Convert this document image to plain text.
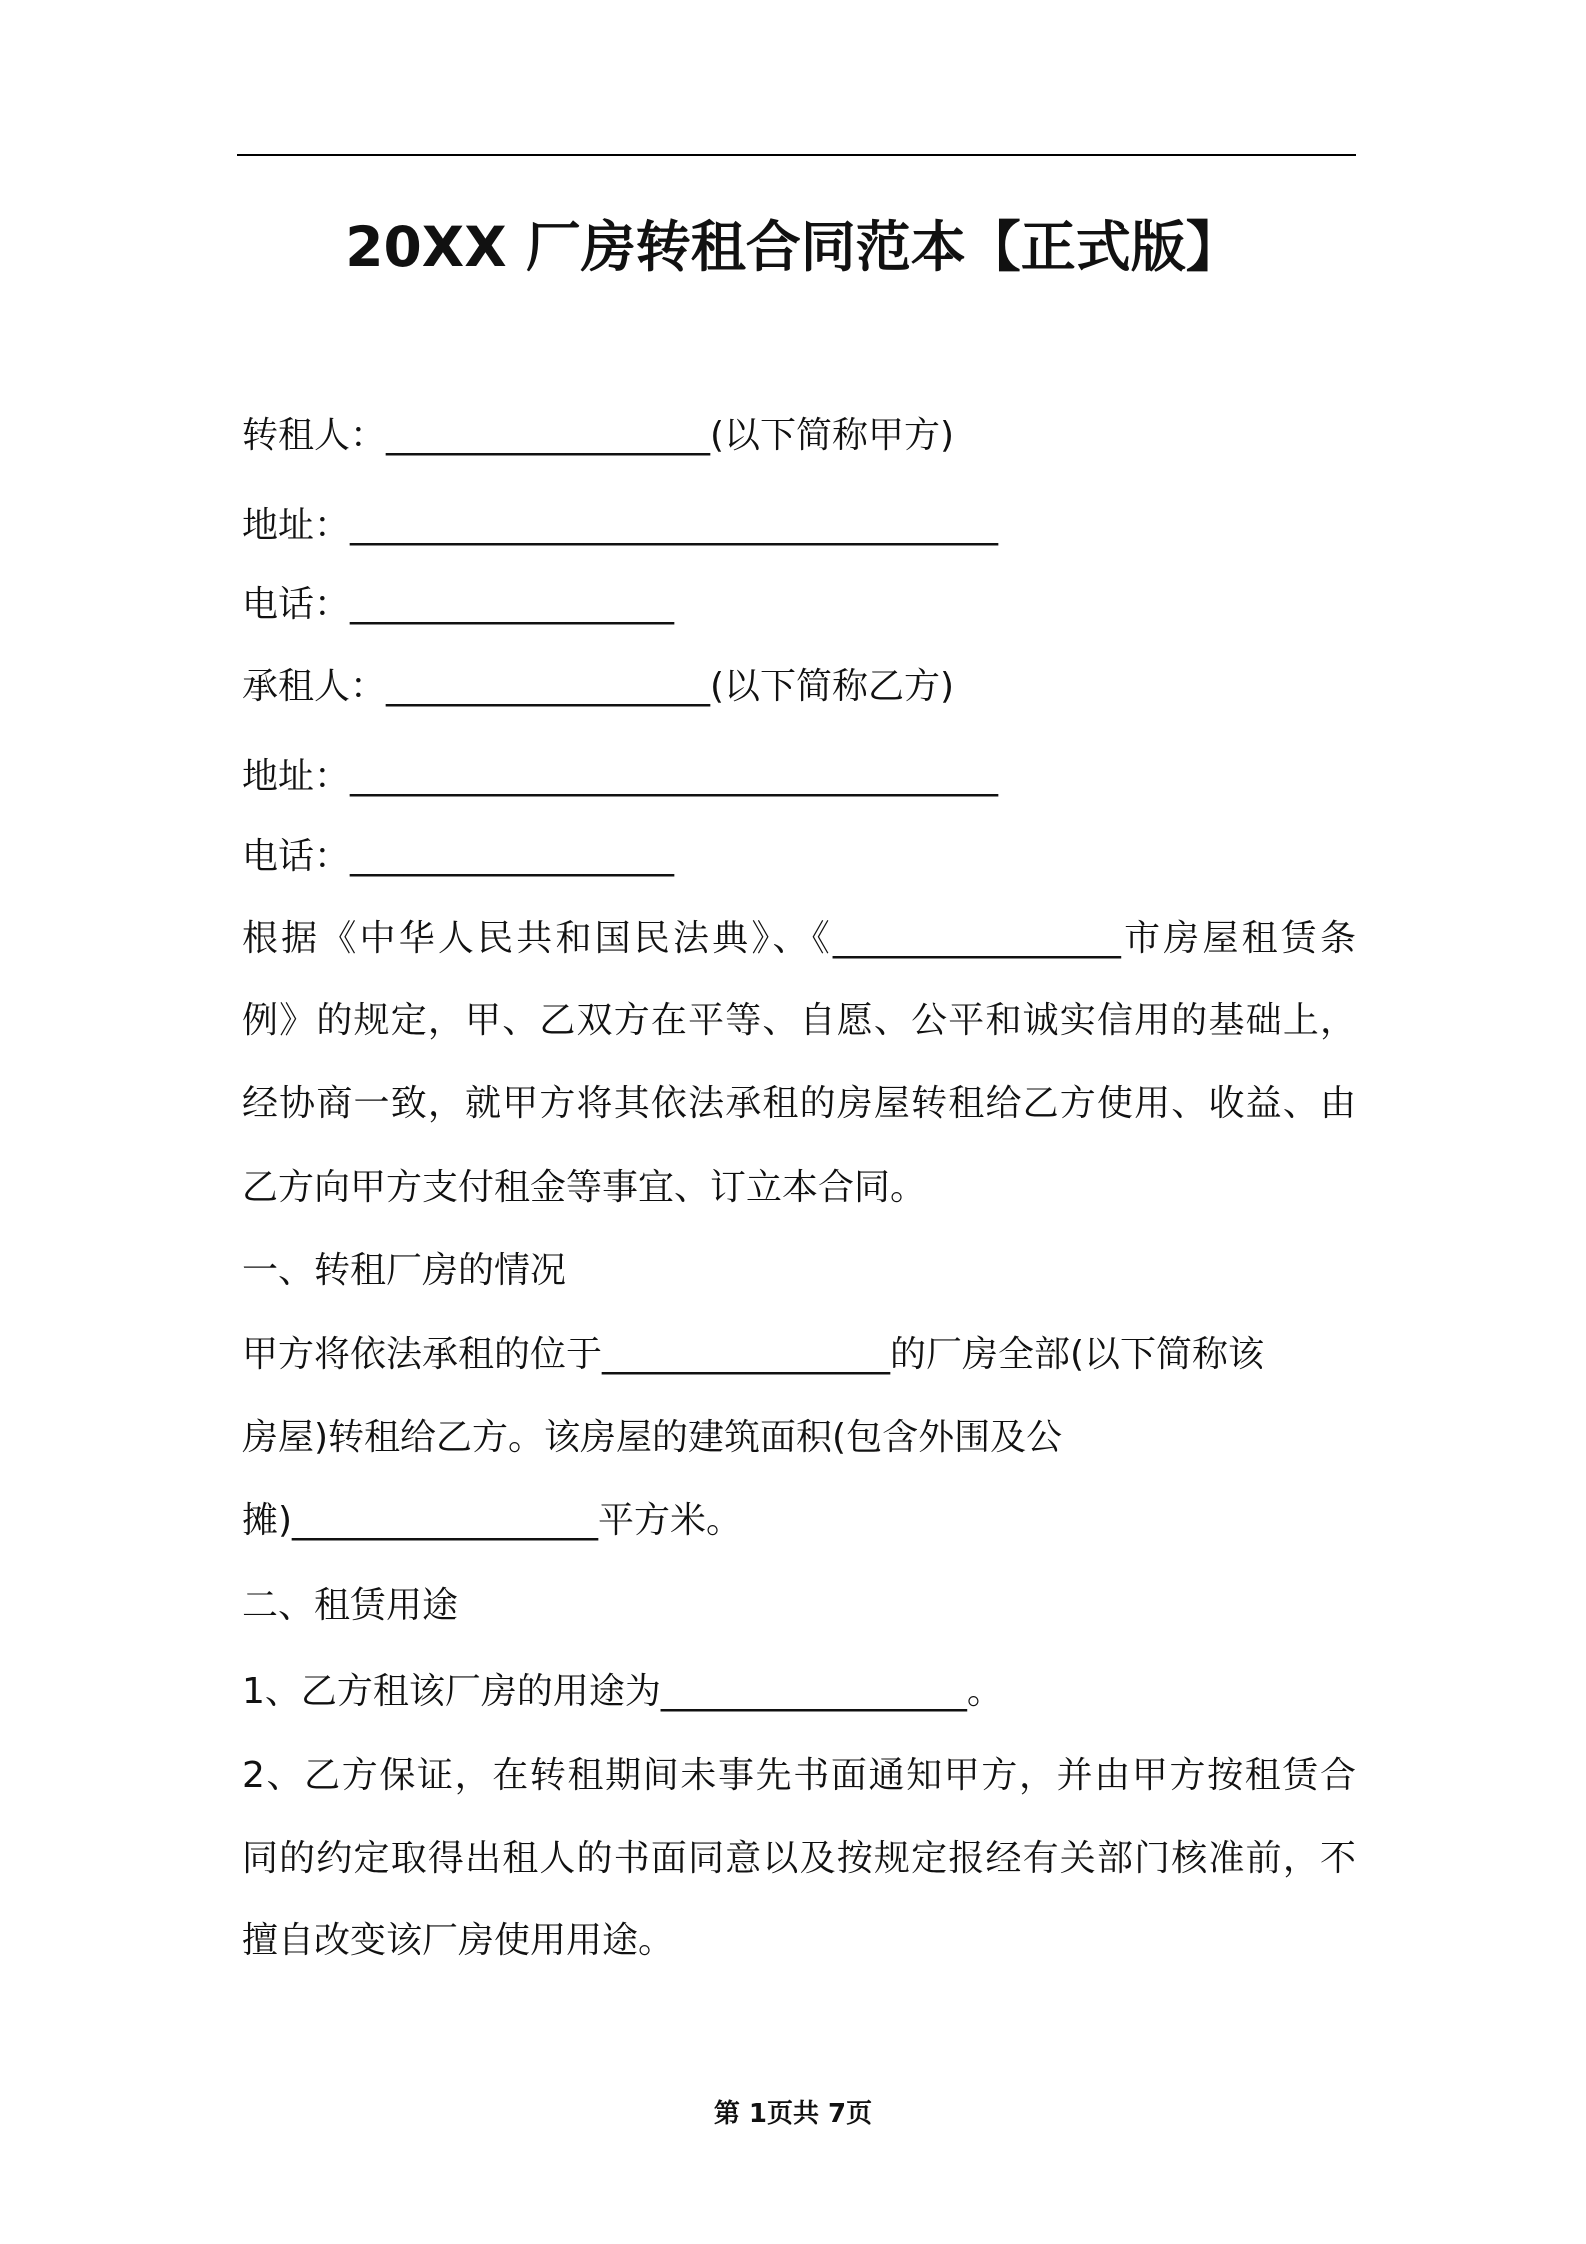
20XX 厂房转租合同范本【正式版】
转租人：__________________(以下简称甲方)
地址：____________________________________
电话：__________________
承租人：__________________(以下简称乙方)
地址：____________________________________
电话：__________________
根据《中华人民共和国民法典》、《________________市房屋租赁条
例》的规定，甲、乙双方在平等、自愿、公平和诚实信用的基础上，
经协商一致，就甲方将其依法承租的房屋转租给乙方使用、收益、由
乙方向甲方支付租金等事宜、订立本合同。
一、转租厂房的情况
甲方将依法承租的位于________________的厂房全部(以下简称该
房屋)转租给乙方。该房屋的建筑面积(包含外围及公
摊)_________________平方米。
二、租赁用途
1、乙方租该厂房的用途为_________________。
2、乙方保证，在转租期间未事先书面通知甲方，并由甲方按租赁合
同的约定取得出租人的书面同意以及按规定报经有关部门核准前，不
擅自改变该厂房使用用途。
第 1页共 7页
